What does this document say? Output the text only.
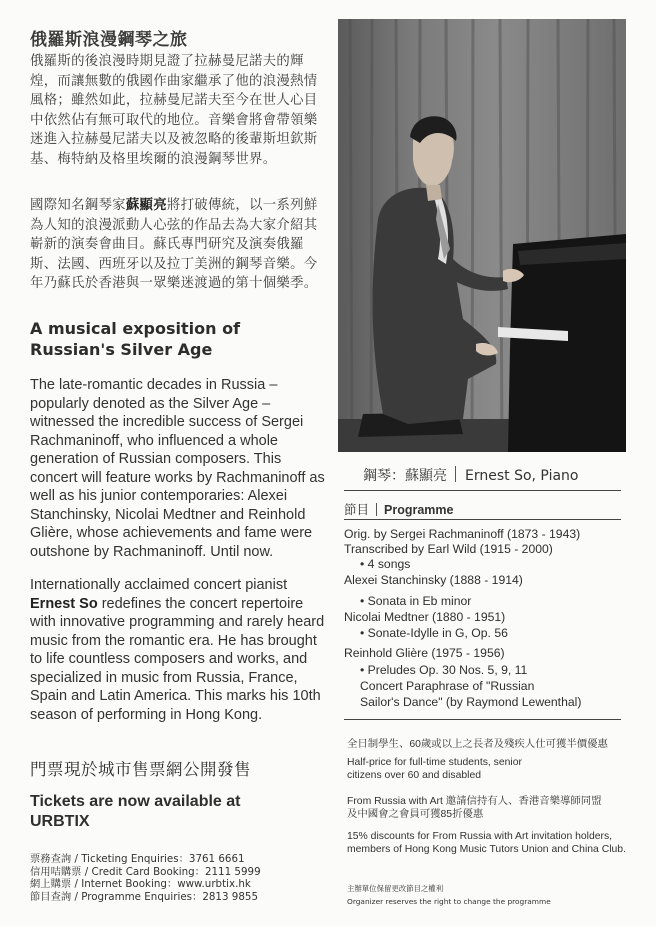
俄羅斯浪漫鋼琴之旅
俄羅斯的後浪漫時期見證了拉赫曼尼諾夫的輝煌，而讓無數的俄國作曲家繼承了他的浪漫熱情風格；雖然如此，拉赫曼尼諾夫至今在世人心目中依然佔有無可取代的地位。音樂會將會帶領樂迷進入拉赫曼尼諾夫以及被忽略的後輩斯坦欽斯基、梅特納及格里埃爾的浪漫鋼琴世界。
國際知名鋼琴家蘇顯亮將打破傳統，以一系列鮮為人知的浪漫派動人心弦的作品去為大家介紹其嶄新的演奏會曲目。蘇氏專門研究及演奏俄羅斯、法國、西班牙以及拉丁美洲的鋼琴音樂。今年乃蘇氏於香港與一眾樂迷渡過的第十個樂季。
A musical exposition of Russian's Silver Age
The late-romantic decades in Russia – popularly denoted as the Silver Age – witnessed the incredible success of Sergei Rachmaninoff, who influenced a whole generation of Russian composers. This concert will feature works by Rachmaninoff as well as his junior contemporaries: Alexei Stanchinsky, Nicolai Medtner and Reinhold Glière, whose achievements and fame were outshone by Rachmaninoff. Until now.
Internationally acclaimed concert pianist Ernest So redefines the concert repertoire with innovative programming and rarely heard music from the romantic era. He has brought to life countless composers and works, and specialized in music from Russia, France, Spain and Latin America. This marks his 10th season of performing in Hong Kong.
門票現於城市售票網公開發售
Tickets are now available at URBTIX
票務查詢 / Ticketing Enquiries：3761 6661
信用咭購票 / Credit Card Booking：2111 5999
網上購票 / Internet Booking：www.urbtix.hk
節目查詢 / Programme Enquiries：2813 9855
鋼琴：蘇顯亮 Ernest So, Piano
節目 Programme
Orig. by Sergei Rachmaninoff (1873 - 1943)
Transcribed by Earl Wild (1915 - 2000)
• 4 songs
Alexei Stanchinsky (1888 - 1914)
• Sonata in Eb minor
Nicolai Medtner (1880 - 1951)
• Sonate-Idylle in G, Op. 56
Reinhold Glière (1975 - 1956)
• Preludes Op. 30 Nos. 5, 9, 11
Concert Paraphrase of "Russian
Sailor's Dance" (by Raymond Lewenthal)
全日制學生、60歲或以上之長者及殘疾人仕可獲半價優惠
Half-price for full-time students, senior citizens over 60 and disabled
From Russia with Art 邀請信持有人、香港音樂導師同盟及中國會之會員可獲85折優惠
15% discounts for From Russia with Art invitation holders, members of Hong Kong Music Tutors Union and China Club.
主辦單位保留更改節目之權利
Organizer reserves the right to change the programme
